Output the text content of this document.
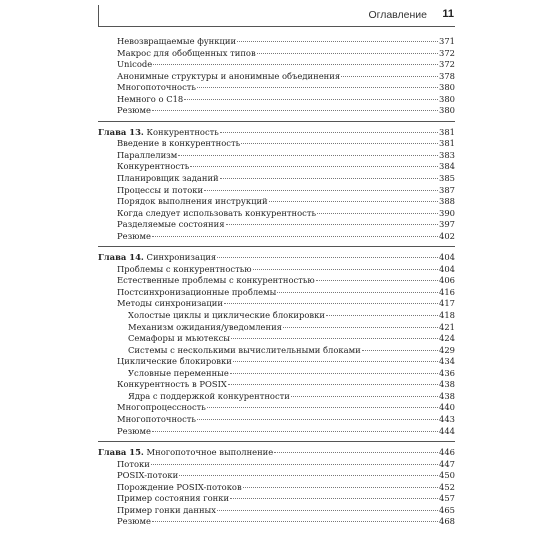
Оглавление 11
Невозвращаемые функции	371
Макрос для обобщенных типов	372
Unicode	372
Анонимные структуры и анонимные объединения	378
Многопоточность	380
Немного о C18	380
Резюме	380
Глава 13. Конкурентность	381
Введение в конкурентность	381
Параллелизм	383
Конкурентность	384
Планировщик заданий	385
Процессы и потоки	387
Порядок выполнения инструкций	388
Когда следует использовать конкурентность	390
Разделяемые состояния	397
Резюме	402
Глава 14. Синхронизация	404
Проблемы с конкурентностью	404
Естественные проблемы с конкурентностью	406
Постсинхронизационные проблемы	416
Методы синхронизации	417
Холостые циклы и циклические блокировки	418
Механизм ожидания/уведомления	421
Семафоры и мьютексы	424
Системы с несколькими вычислительными блоками	429
Циклические блокировки	434
Условные переменные	436
Конкурентность в POSIX	438
Ядра с поддержкой конкурентности	438
Многопроцессность	440
Многопоточность	443
Резюме	444
Глава 15. Многопоточное выполнение	446
Потоки	447
POSIX-потоки	450
Порождение POSIX-потоков	452
Пример состояния гонки	457
Пример гонки данных	465
Резюме	468
